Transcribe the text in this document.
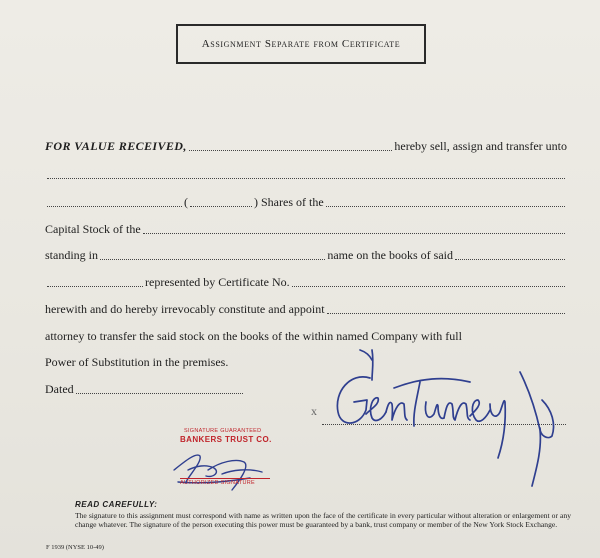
Assignment Separate from Certificate
FOR VALUE RECEIVED,	hereby sell, assign and transfer unto
(	) Shares of the
Capital Stock of the
standing in	name on the books of said
represented by Certificate No.
herewith and do hereby irrevocably constitute and appoint
attorney to transfer the said stock on the books of the within named Company with full
Power of Substitution in the premises.
Dated
x
SIGNATURE GUARANTEED
BANKERS TRUST CO.
AUTHORIZED SIGNATURE
READ CAREFULLY:
The signature to this assignment must correspond with name as written upon the face of the certificate in every particular without alteration or enlargement or any change whatever. The signature of the person executing this power must be guaranteed by a bank, trust company or member of the New York Stock Exchange.
F 1939 (NYSE 10-49)
